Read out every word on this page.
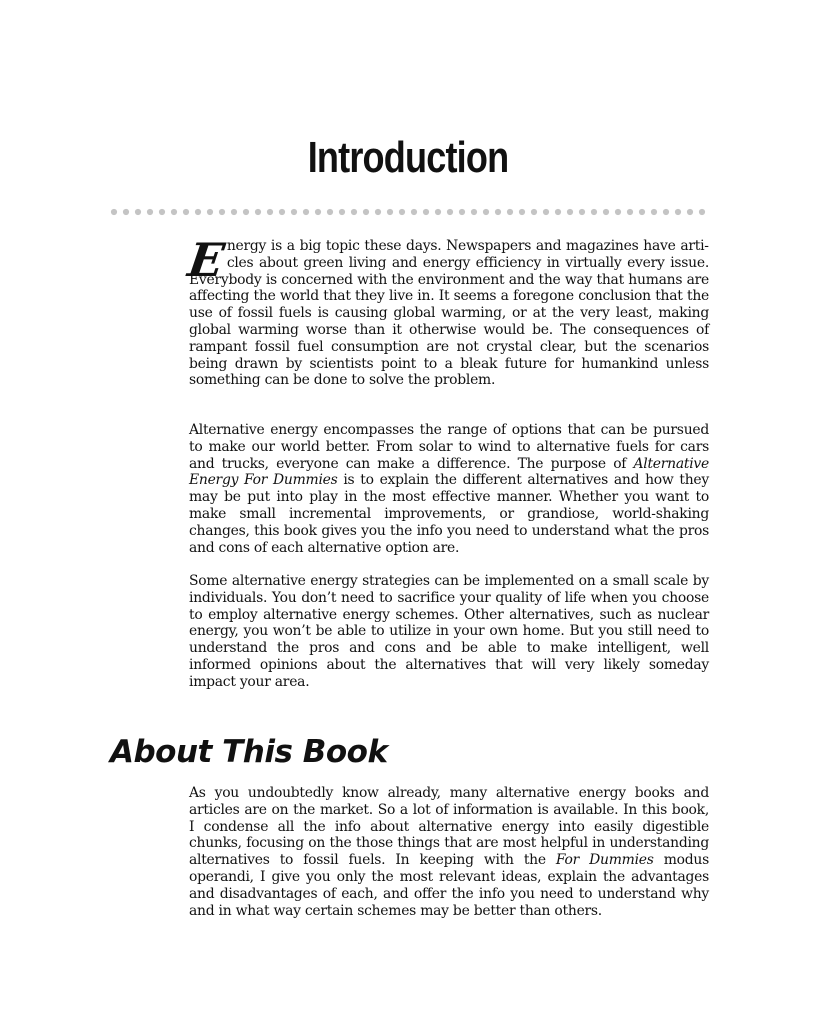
Introduction
Energy is a big topic these days. Newspapers and magazines have articles about green living and energy efficiency in virtually every issue. Everybody is concerned with the environment and the way that humans are affecting the world that they live in. It seems a foregone conclusion that the use of fossil fuels is causing global warming, or at the very least, making global warming worse than it otherwise would be. The consequences of rampant fossil fuel consumption are not crystal clear, but the scenarios being drawn by scientists point to a bleak future for humankind unless something can be done to solve the problem.

Alternative energy encompasses the range of options that can be pursued to make our world better. From solar to wind to alternative fuels for cars and trucks, everyone can make a difference. The purpose of Alternative Energy For Dummies is to explain the different alternatives and how they may be put into play in the most effective manner. Whether you want to make small incremental improvements, or grandiose, world-shaking changes, this book gives you the info you need to understand what the pros and cons of each alternative option are.

Some alternative energy strategies can be implemented on a small scale by individuals. You don’t need to sacrifice your quality of life when you choose to employ alternative energy schemes. Other alternatives, such as nuclear energy, you won’t be able to utilize in your own home. But you still need to understand the pros and cons and be able to make intelligent, well informed opinions about the alternatives that will very likely someday impact your area.

About This Book

As you undoubtedly know already, many alternative energy books and articles are on the market. So a lot of information is available. In this book, I condense all the info about alternative energy into easily digestible chunks, focusing on the those things that are most helpful in understanding alternatives to fossil fuels. In keeping with the For Dummies modus operandi, I give you only the most relevant ideas, explain the advantages and disadvantages of each, and offer the info you need to understand why and in what way certain schemes may be better than others.
